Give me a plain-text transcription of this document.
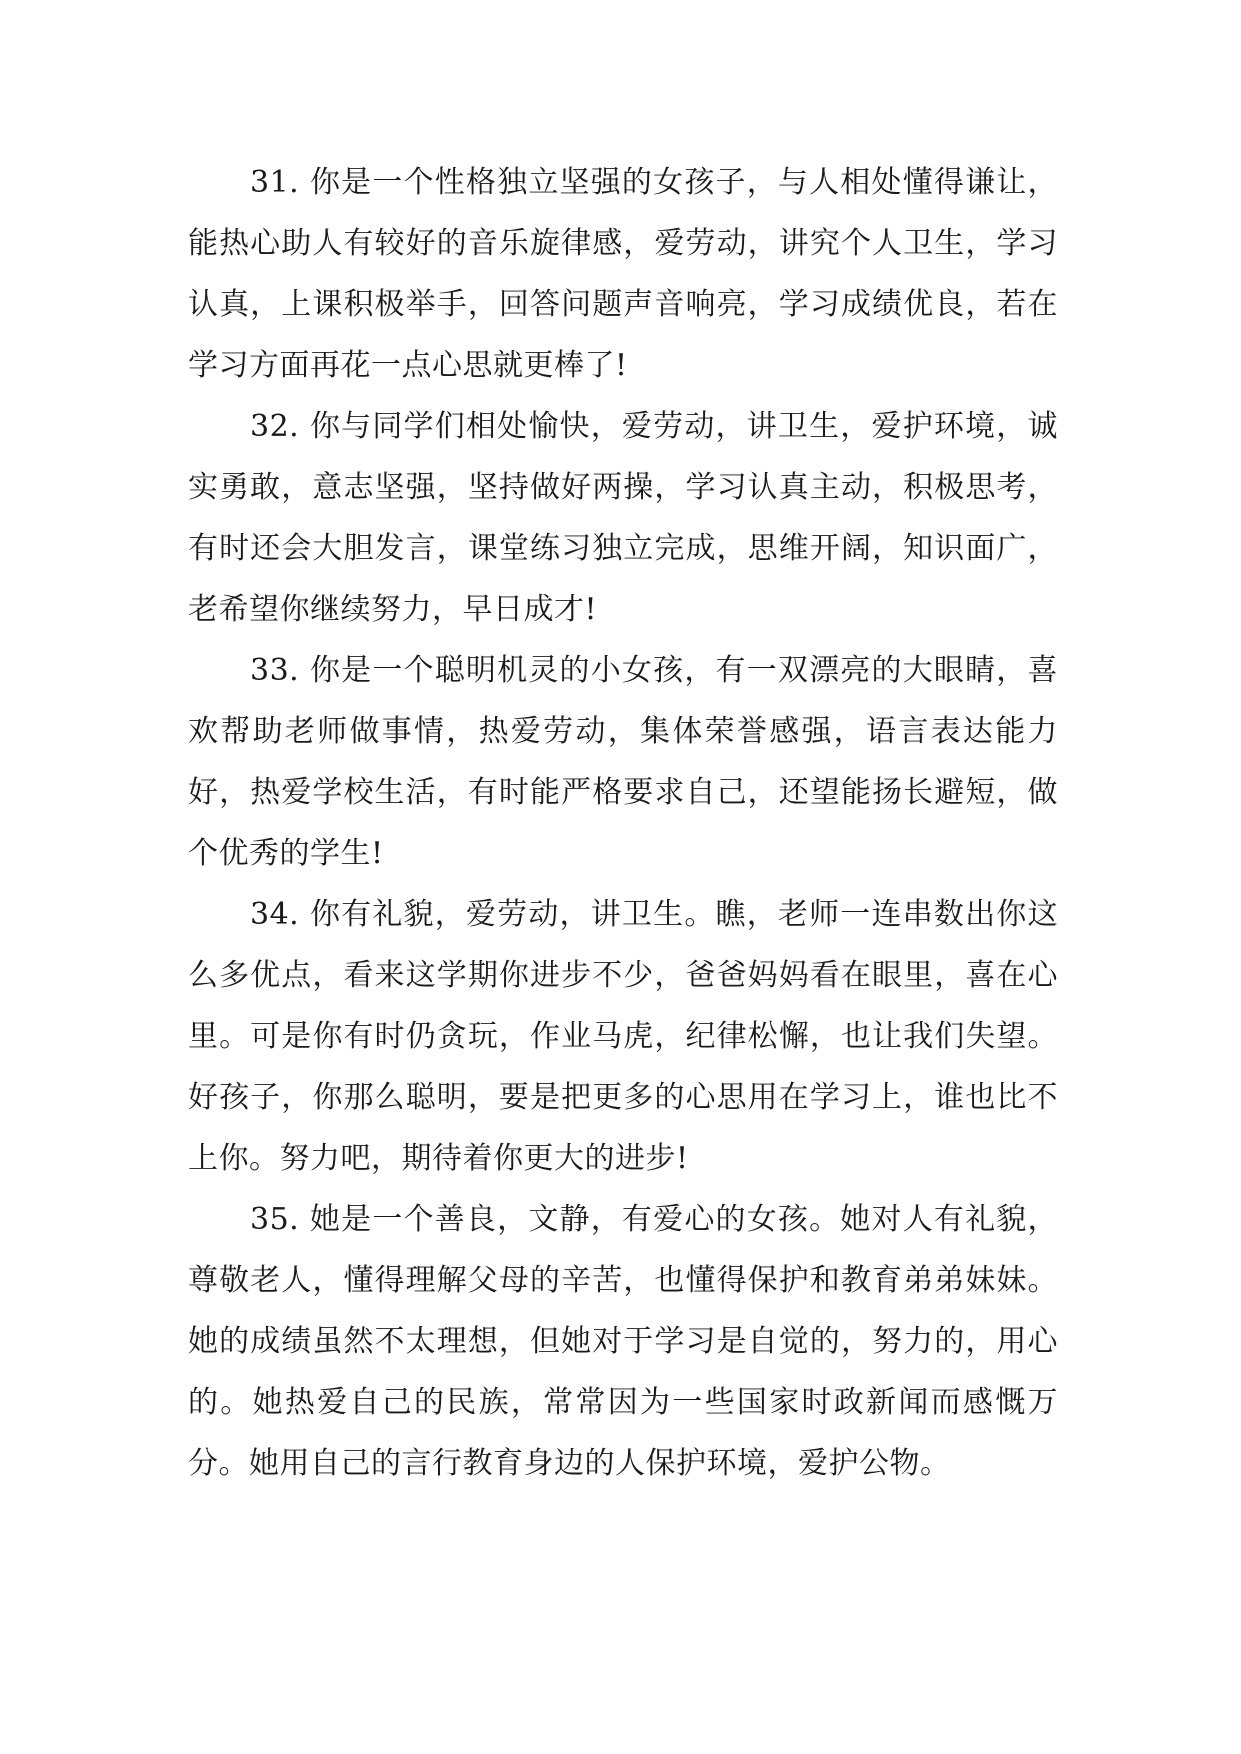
31. 你是一个性格独立坚强的女孩子，与人相处懂得谦让，能热心助人有较好的音乐旋律感，爱劳动，讲究个人卫生，学习认真，上课积极举手，回答问题声音响亮，学习成绩优良，若在学习方面再花一点心思就更棒了!

32. 你与同学们相处愉快，爱劳动，讲卫生，爱护环境，诚实勇敢，意志坚强，坚持做好两操，学习认真主动，积极思考，有时还会大胆发言，课堂练习独立完成，思维开阔，知识面广，老希望你继续努力，早日成才!

33. 你是一个聪明机灵的小女孩，有一双漂亮的大眼睛，喜欢帮助老师做事情，热爱劳动，集体荣誉感强，语言表达能力好，热爱学校生活，有时能严格要求自己，还望能扬长避短，做个优秀的学生!

34. 你有礼貌，爱劳动，讲卫生。瞧，老师一连串数出你这么多优点，看来这学期你进步不少，爸爸妈妈看在眼里，喜在心里。可是你有时仍贪玩，作业马虎，纪律松懈，也让我们失望。好孩子，你那么聪明，要是把更多的心思用在学习上，谁也比不上你。努力吧，期待着你更大的进步!

35. 她是一个善良，文静，有爱心的女孩。她对人有礼貌，尊敬老人，懂得理解父母的辛苦，也懂得保护和教育弟弟妹妹。她的成绩虽然不太理想，但她对于学习是自觉的，努力的，用心的。她热爱自己的民族，常常因为一些国家时政新闻而感慨万分。她用自己的言行教育身边的人保护环境，爱护公物。
